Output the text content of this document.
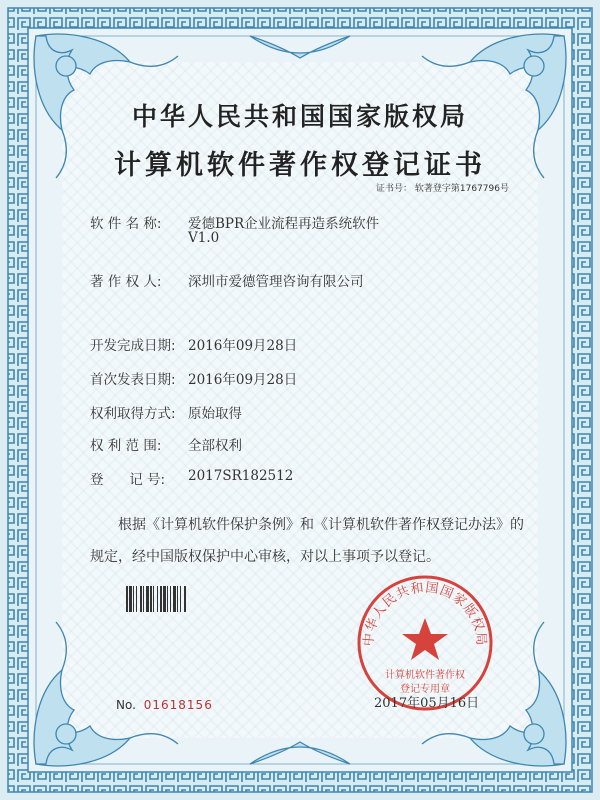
中华人民共和国国家版权局
计算机软件著作权登记证书
证书号： 软著登字第1767796号
软 件 名 称: 爱德BPR企业流程再造系统软件
V1.0
著 作 权 人: 深圳市爱德管理咨询有限公司
开发完成日期: 2016年09月28日
首次发表日期: 2016年09月28日
权利取得方式: 原始取得
权 利 范 围: 全部权利
登      记 号: 2017SR182512
根据《计算机软件保护条例》和《计算机软件著作权登记办法》的
规定，经中国版权保护中心审核，对以上事项予以登记。
No. 01618156
中华人民共和国国家版权局
计算机软件著作权
登记专用章
2017年05月16日
